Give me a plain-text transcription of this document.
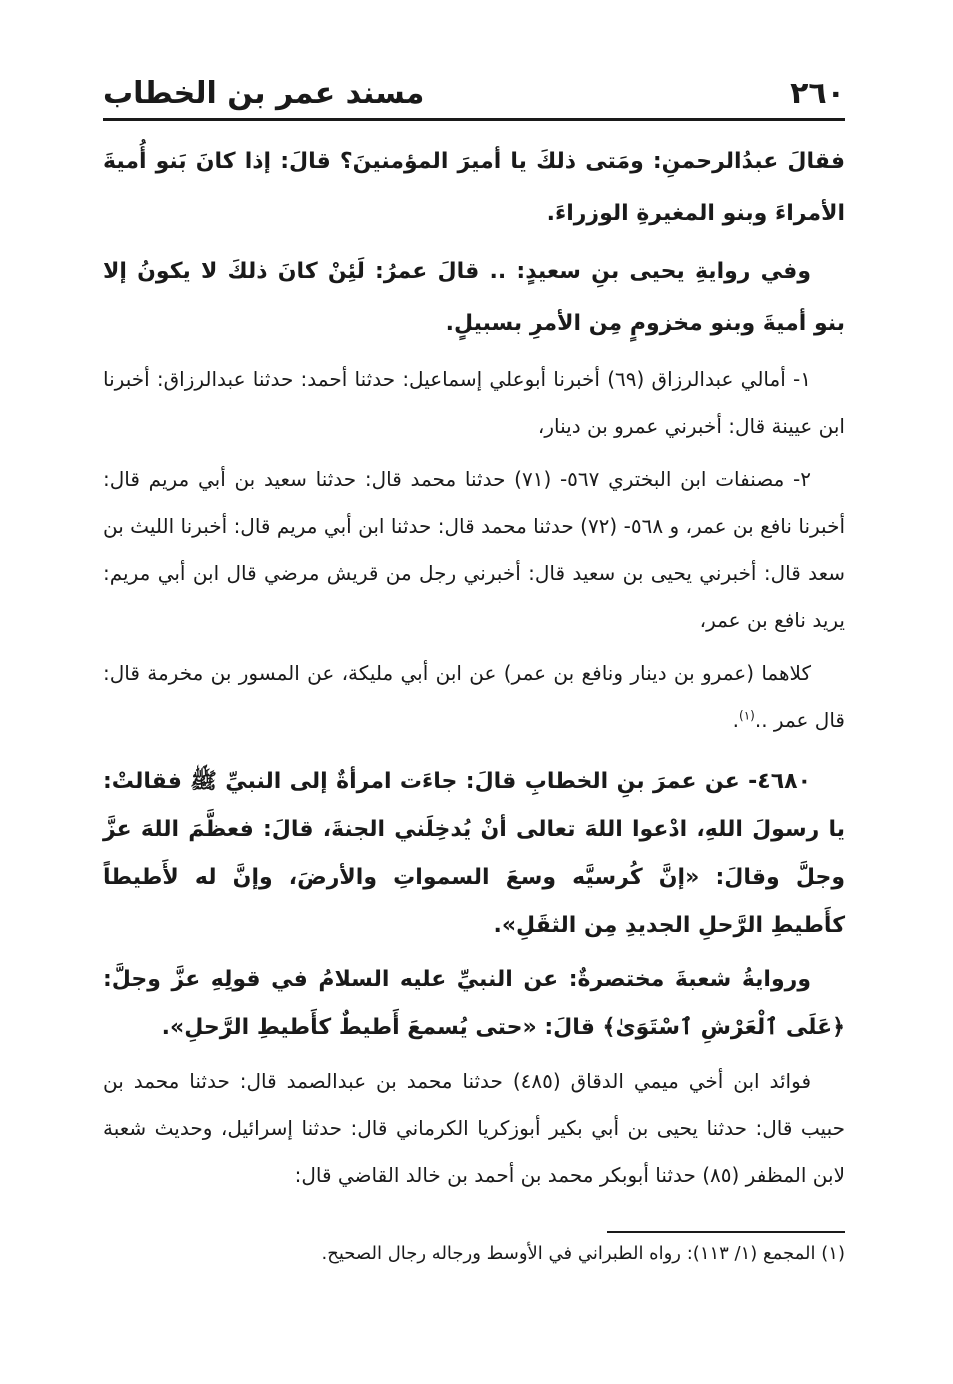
٢٦٠
مسند عمر بن الخطاب

فقالَ عبدُالرحمنِ: ومَتى ذلكَ يا أميرَ المؤمنينَ؟ قالَ: إذا كانَ بَنو أُميةَ الأمراءَ وبنو المغيرةِ الوزراءَ.

وفي روايةِ يحيى بنِ سعيدٍ: .. قالَ عمرُ: لَئِنْ كانَ ذلكَ لا يكونُ إلا بنو أميةَ وبنو مخزومٍ مِن الأمرِ بسبيلٍ.

١- أمالي عبدالرزاق (٦٩) أخبرنا أبوعلي إسماعيل: حدثنا أحمد: حدثنا عبدالرزاق: أخبرنا ابن عيينة قال: أخبرني عمرو بن دينار،

٢- مصنفات ابن البختري ٥٦٧- (٧١) حدثنا محمد قال: حدثنا سعيد بن أبي مريم قال: أخبرنا نافع بن عمر، و ٥٦٨- (٧٢) حدثنا محمد قال: حدثنا ابن أبي مريم قال: أخبرنا الليث بن سعد قال: أخبرني يحيى بن سعيد قال: أخبرني رجل من قريش مرضي قال ابن أبي مريم: يريد نافع بن عمر،

كلاهما (عمرو بن دينار ونافع بن عمر) عن ابن أبي مليكة، عن المسور بن مخرمة قال: قال عمر ..$^{(١)}$.

٤٦٨٠- عن عمرَ بنِ الخطابِ قالَ: جاءَت امرأةٌ إلى النبيِّ ﷺ فقالتْ: يا رسولَ اللهِ، ادْعوا اللهَ تعالى أنْ يُدخِلَني الجنةَ، قالَ: فعظَّمَ اللهَ عزَّ وجلَّ وقالَ: «إنَّ كُرسيَّه وسعَ السمواتِ والأرضَ، وإنَّ له لأَطيطاً كأَطيطِ الرَّحلِ الجديدِ مِن الثقَلِ».

وروايةُ شعبةَ مختصرةٌ: عن النبيِّ عليه السلامُ في قولِهِ عزَّ وجلَّ: ﴿عَلَى ٱلْعَرْشِ ٱسْتَوَىٰ﴾ قالَ: «حتى يُسمعَ أَطيطٌ كأَطيطِ الرَّحلِ».

فوائد ابن أخي ميمي الدقاق (٤٨٥) حدثنا محمد بن عبدالصمد قال: حدثنا محمد بن حبيب قال: حدثنا يحيى بن أبي بكير أبوزكريا الكرماني قال: حدثنا إسرائيل، وحديث شعبة لابن المظفر (٨٥) حدثنا أبوبكر محمد بن أحمد بن خالد القاضي قال:

(١) المجمع (١/ ١١٣): رواه الطبراني في الأوسط ورجاله رجال الصحيح.
